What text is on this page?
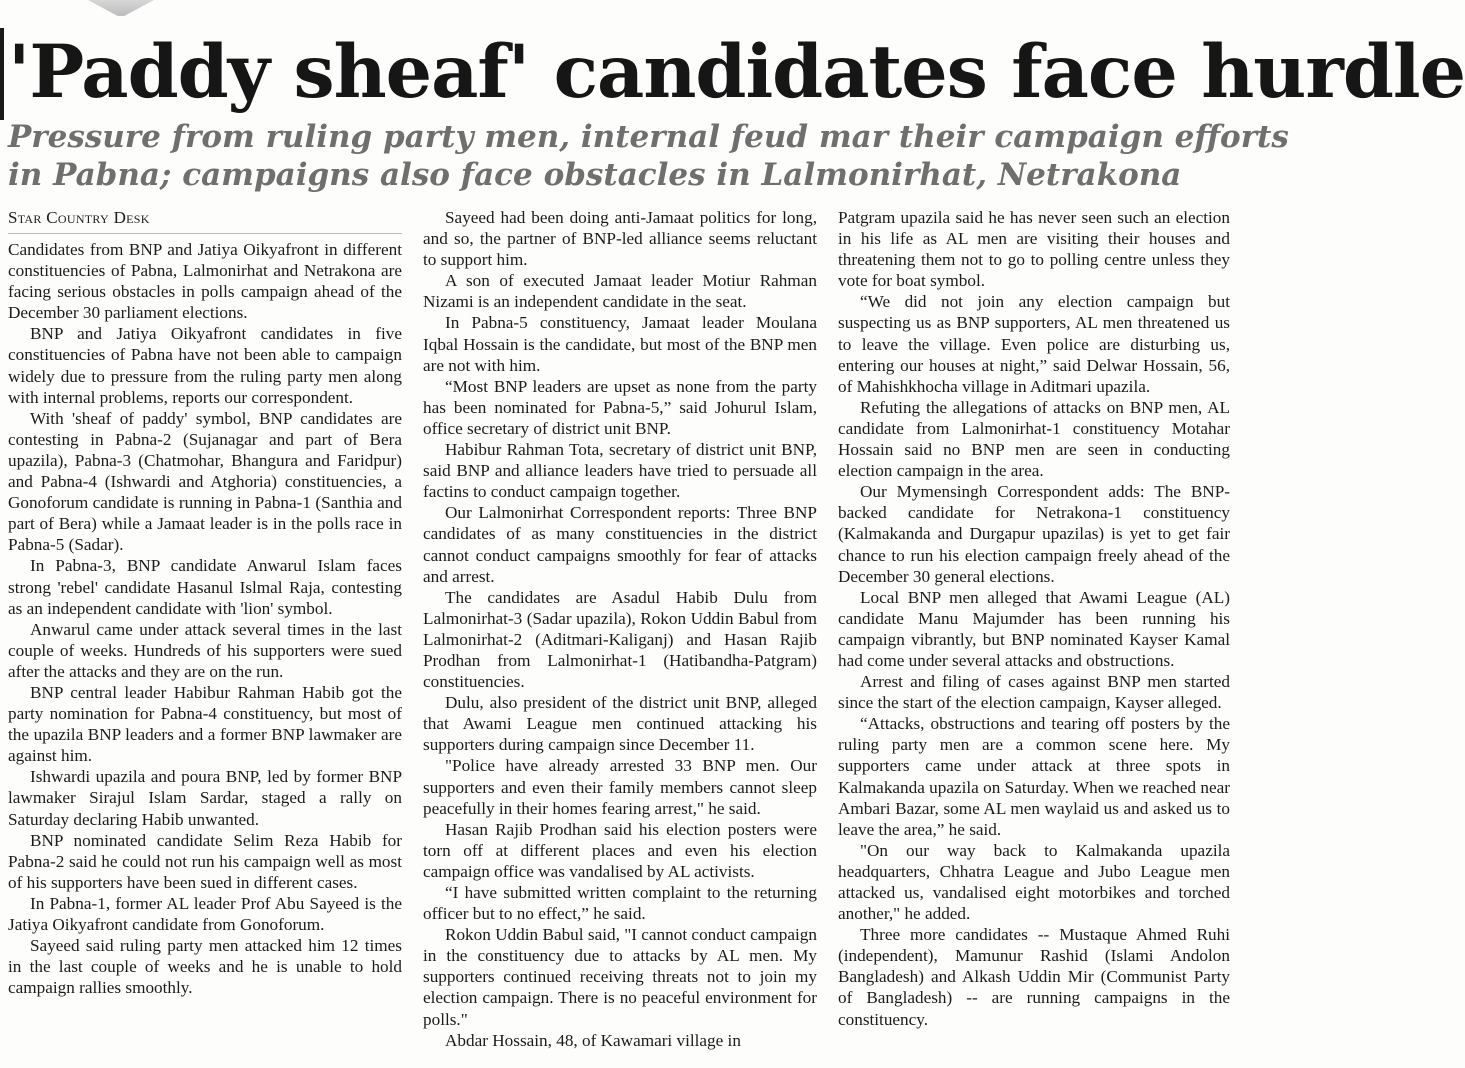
'Paddy sheaf' candidates face hurdle
Pressure from ruling party men, internal feud mar their campaign efforts
in Pabna; campaigns also face obstacles in Lalmonirhat, Netrakona
Star Country Desk

Candidates from BNP and Jatiya Oikyafront in different constituencies of Pabna, Lalmonirhat and Netrakona are facing serious obstacles in polls campaign ahead of the December 30 parliament elections.

BNP and Jatiya Oikyafront candidates in five constituencies of Pabna have not been able to campaign widely due to pressure from the ruling party men along with internal problems, reports our correspondent.

With 'sheaf of paddy' symbol, BNP candidates are contesting in Pabna-2 (Sujanagar and part of Bera upazila), Pabna-3 (Chatmohar, Bhangura and Faridpur) and Pabna-4 (Ishwardi and Atghoria) constituencies, a Gonoforum candidate is running in Pabna-1 (Santhia and part of Bera) while a Jamaat leader is in the polls race in Pabna-5 (Sadar).

In Pabna-3, BNP candidate Anwarul Islam faces strong 'rebel' candidate Hasanul Islmal Raja, contesting as an independent candidate with 'lion' symbol.

Anwarul came under attack several times in the last couple of weeks. Hundreds of his supporters were sued after the attacks and they are on the run.

BNP central leader Habibur Rahman Habib got the party nomination for Pabna-4 constituency, but most of the upazila BNP leaders and a former BNP lawmaker are against him.

Ishwardi upazila and poura BNP, led by former BNP lawmaker Sirajul Islam Sardar, staged a rally on Saturday declaring Habib unwanted.

BNP nominated candidate Selim Reza Habib for Pabna-2 said he could not run his campaign well as most of his supporters have been sued in different cases.

In Pabna-1, former AL leader Prof Abu Sayeed is the Jatiya Oikyafront candidate from Gonoforum.

Sayeed said ruling party men attacked him 12 times in the last couple of weeks and he is unable to hold campaign rallies smoothly.

Sayeed had been doing anti-Jamaat politics for long, and so, the partner of BNP-led alliance seems reluctant to support him.

A son of executed Jamaat leader Motiur Rahman Nizami is an independent candidate in the seat.

In Pabna-5 constituency, Jamaat leader Moulana Iqbal Hossain is the candidate, but most of the BNP men are not with him.

“Most BNP leaders are upset as none from the party has been nominated for Pabna-5,” said Johurul Islam, office secretary of district unit BNP.

Habibur Rahman Tota, secretary of district unit BNP, said BNP and alliance leaders have tried to persuade all factins to conduct campaign together.

Our Lalmonirhat Correspondent reports: Three BNP candidates of as many constituencies in the district cannot conduct campaigns smoothly for fear of attacks and arrest.

The candidates are Asadul Habib Dulu from Lalmonirhat-3 (Sadar upazila), Rokon Uddin Babul from Lalmonirhat-2 (Aditmari-Kaliganj) and Hasan Rajib Prodhan from Lalmonirhat-1 (Hatibandha-Patgram) constituencies.

Dulu, also president of the district unit BNP, alleged that Awami League men continued attacking his supporters during campaign since December 11.

"Police have already arrested 33 BNP men. Our supporters and even their family members cannot sleep peacefully in their homes fearing arrest," he said.

Hasan Rajib Prodhan said his election posters were torn off at different places and even his election campaign office was vandalised by AL activists.

“I have submitted written complaint to the returning officer but to no effect,” he said.

Rokon Uddin Babul said, "I cannot conduct campaign in the constituency due to attacks by AL men. My supporters continued receiving threats not to join my election campaign. There is no peaceful environment for polls."

Abdar Hossain, 48, of Kawamari village in

Patgram upazila said he has never seen such an election in his life as AL men are visiting their houses and threatening them not to go to polling centre unless they vote for boat symbol.

“We did not join any election campaign but suspecting us as BNP supporters, AL men threatened us to leave the village. Even police are disturbing us, entering our houses at night,” said Delwar Hossain, 56, of Mahishkhocha village in Aditmari upazila.

Refuting the allegations of attacks on BNP men, AL candidate from Lalmonirhat-1 constituency Motahar Hossain said no BNP men are seen in conducting election campaign in the area.

Our Mymensingh Correspondent adds: The BNP-backed candidate for Netrakona-1 constituency (Kalmakanda and Durgapur upazilas) is yet to get fair chance to run his election campaign freely ahead of the December 30 general elections.

Local BNP men alleged that Awami League (AL) candidate Manu Majumder has been running his campaign vibrantly, but BNP nominated Kayser Kamal had come under several attacks and obstructions.

Arrest and filing of cases against BNP men started since the start of the election campaign, Kayser alleged.

“Attacks, obstructions and tearing off posters by the ruling party men are a common scene here. My supporters came under attack at three spots in Kalmakanda upazila on Saturday. When we reached near Ambari Bazar, some AL men waylaid us and asked us to leave the area,” he said.

"On our way back to Kalmakanda upazila headquarters, Chhatra League and Jubo League men attacked us, vandalised eight motorbikes and torched another," he added.

Three more candidates -- Mustaque Ahmed Ruhi (independent), Mamunur Rashid (Islami Andolon Bangladesh) and Alkash Uddin Mir (Communist Party of Bangladesh) -- are running campaigns in the constituency.
